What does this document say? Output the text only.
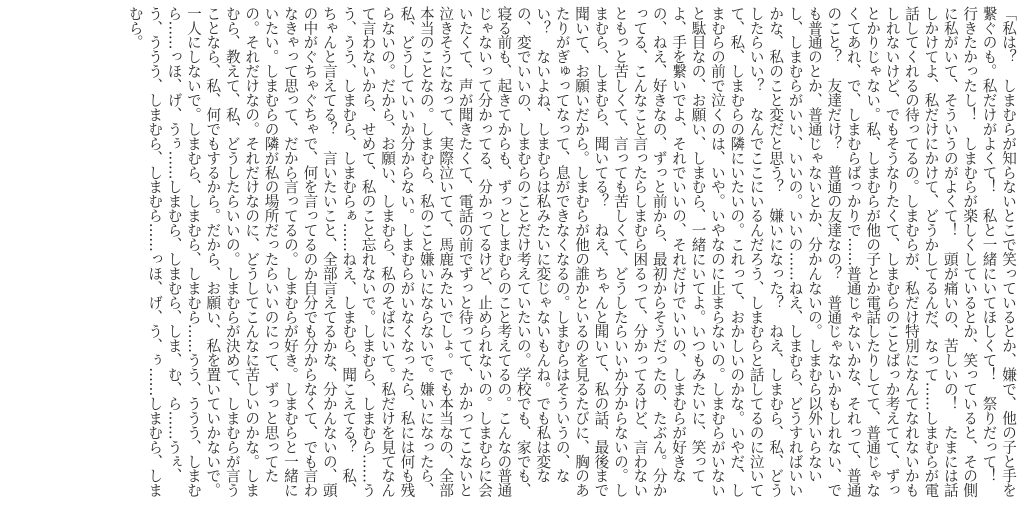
「私は？　しまむらが知らないとこで笑っているとか、嫌で、他の子と手を繋ぐのも。私だけがよくて！　私と一緒にいてほしくて！　祭りだって！　行きたかったし！　しまむらが楽しくしているとか、笑っていると、その側に私がいて、そういうのがよくて！　頭が痛いの、苦しいの！　たまには話しかけてよ、私だけにかけて、どうかしてるんだ、なって……しまむらが電話してくれるの待ってるの。しまむらが、私だけ特別になんてなれないかもしれないけど、でもそうなりたくて、しまむらのことばっか考えてて、ずっとかりじゃない。私、しまむらが他の子とか電話したりしてて、普通じゃなくてあれ、で、しまむらばっかりで……普通じゃないかな、それって、普通のこと？　友達だけ？　普通の友達なの？　普通じゃないかもしれない、でも普通のとか、普通じゃないとか、分かんないの。しまむら以外いらないし、しまむらがいい、いいの。いいの……ねえ、しまむら、どうすればいいかな、私のこと変だと思う？　嫌いになった？　ねえ、しまむら、私、どうしたらいい？　なんでここにいるんだろう、しまむらと話してるのに泣いてて、私、しまむらの隣にいたいの。これって、おかしいのかな。いやだ、しまむらの前で泣くのは、いや。いやなのに止まらないの。しまむらがいないと駄目なの、お願い、しまむら、一緒にいてよ。いつもみたいに、笑ってよ、手を繋いでよ、それでいいの、それだけでいいの、しまむらが好きなの、ねえ、好きなの、ずっと前から、最初からそうだったの、たぶん。分かってる、こんなこと言ったらしまむら困るって、分かってるけど、言わないともっと苦しくて、言っても苦しくて、どうしたらいいか分からないの。しまむら、しまむら、聞いてる？　ねえ、ちゃんと聞いて、私の話、最後まで聞いて、お願いだから。しまむらが他の誰かといるのを見るたびに、胸のあたりがぎゅってなって、息ができなくなるの。しまむらはそういうの、ない？　ないよね、しまむらは私みたいに変じゃないもんね。でも私は変なの、変でいいの、しまむらのことだけ考えていたいの。学校でも、家でも、寝る前も、起きてからも、ずっとしまむらのこと考えてるの。こんなの普通じゃないって分かってる、分かってるけど、止められないの。しまむらに会いたくて、声が聞きたくて、電話の前でずっと待ってて、かかってこないと泣きそうになって、実際泣いてて、馬鹿みたいでしょ。でも本当なの、全部本当のことなの。しまむら、私のこと嫌いにならないで。嫌いになったら、私、どうしていいか分からない。しまむらがいなくなったら、私には何も残らないの。だから、お願い、しまむら、私のそばにいて。私だけを見てなんて言わないから、せめて、私のこと忘れないで。しまむら、しまむら……うう、うう、しまむら、しまむらぁ……ねえ、しまむら、聞こえてる？　私、ちゃんと言えてる？　言いたいこと、全部言えてるかな、分かんないの、頭の中がぐちゃぐちゃで、何を言ってるのか自分でも分からなくて、でも言わなきゃって思って、だから言ってるの。しまむらが好き。しまむらと一緒にいたい。しまむらの隣が私の場所だったらいいのにって、ずっと思ってたの。それだけなの。それだけなのに、どうしてこんなに苦しいのかな。しまむら、教えて、私、どうしたらいいの。しまむらが決めて、しまむらが言うことなら、私、何でもするから。だから、お願い、私を置いていかないで。一人にしないで。しまむら、しまむら、しまむら……うう、ううう、しまむら……っほ、げ、うぅ……しまむら、しまむら、しま、む、ら……うぇ、う、ううう、しまむら、しまむら……っほ、げ、う、ぅ……しまむら、しまむら。
